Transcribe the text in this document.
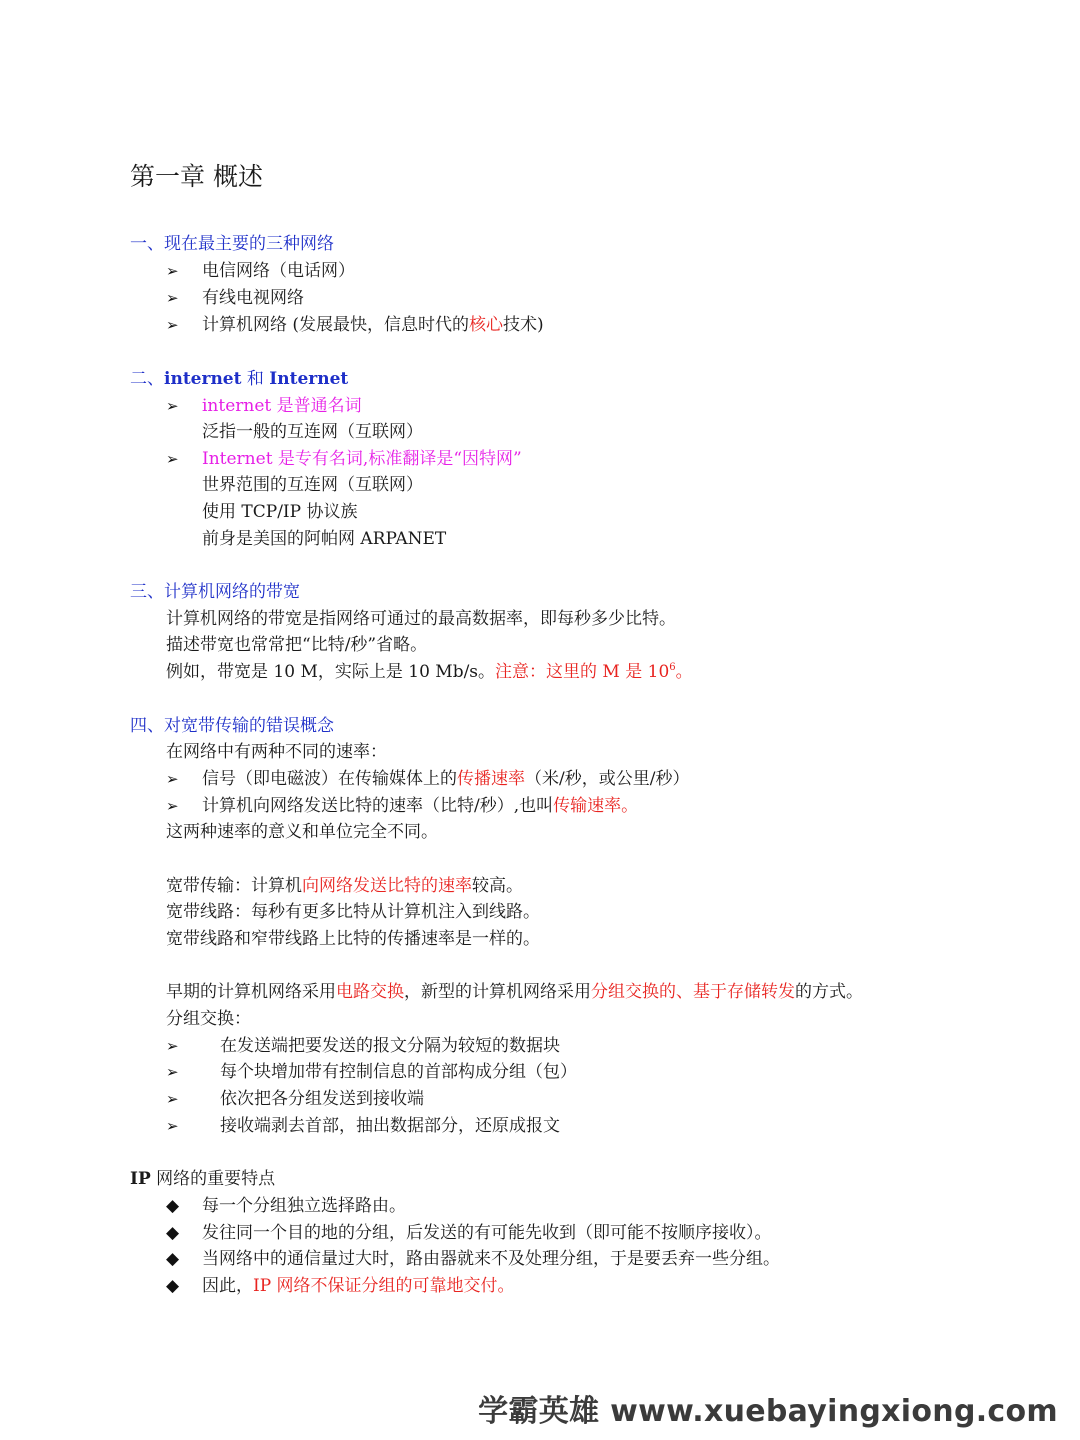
第一章 概述
一、现在最主要的三种网络
➢ 电信网络（电话网）
➢ 有线电视网络
➢ 计算机网络 (发展最快，信息时代的核心技术)
二、internet 和 Internet
➢ internet 是普通名词
泛指一般的互连网（互联网）
➢ Internet 是专有名词,标准翻译是“因特网”
世界范围的互连网（互联网）
使用 TCP/IP 协议族
前身是美国的阿帕网 ARPANET
三、计算机网络的带宽
计算机网络的带宽是指网络可通过的最高数据率，即每秒多少比特。
描述带宽也常常把“比特/秒”省略。
例如，带宽是 10 M，实际上是 10 Mb/s。注意：这里的 M 是 $10^6$。
四、对宽带传输的错误概念
在网络中有两种不同的速率：
➢ 信号（即电磁波）在传输媒体上的传播速率（米/秒，或公里/秒）
➢ 计算机向网络发送比特的速率（比特/秒）,也叫传输速率。
这两种速率的意义和单位完全不同。
宽带传输：计算机向网络发送比特的速率较高。
宽带线路：每秒有更多比特从计算机注入到线路。
宽带线路和窄带线路上比特的传播速率是一样的。
早期的计算机网络采用电路交换，新型的计算机网络采用分组交换的、基于存储转发的方式。
分组交换：
➢ 在发送端把要发送的报文分隔为较短的数据块
➢ 每个块增加带有控制信息的首部构成分组（包）
➢ 依次把各分组发送到接收端
➢ 接收端剥去首部，抽出数据部分，还原成报文
IP 网络的重要特点
◆ 每一个分组独立选择路由。
◆ 发往同一个目的地的分组，后发送的有可能先收到（即可能不按顺序接收）。
◆ 当网络中的通信量过大时，路由器就来不及处理分组，于是要丢弃一些分组。
◆ 因此，IP 网络不保证分组的可靠地交付。
学霸英雄 www.xuebayingxiong.com
